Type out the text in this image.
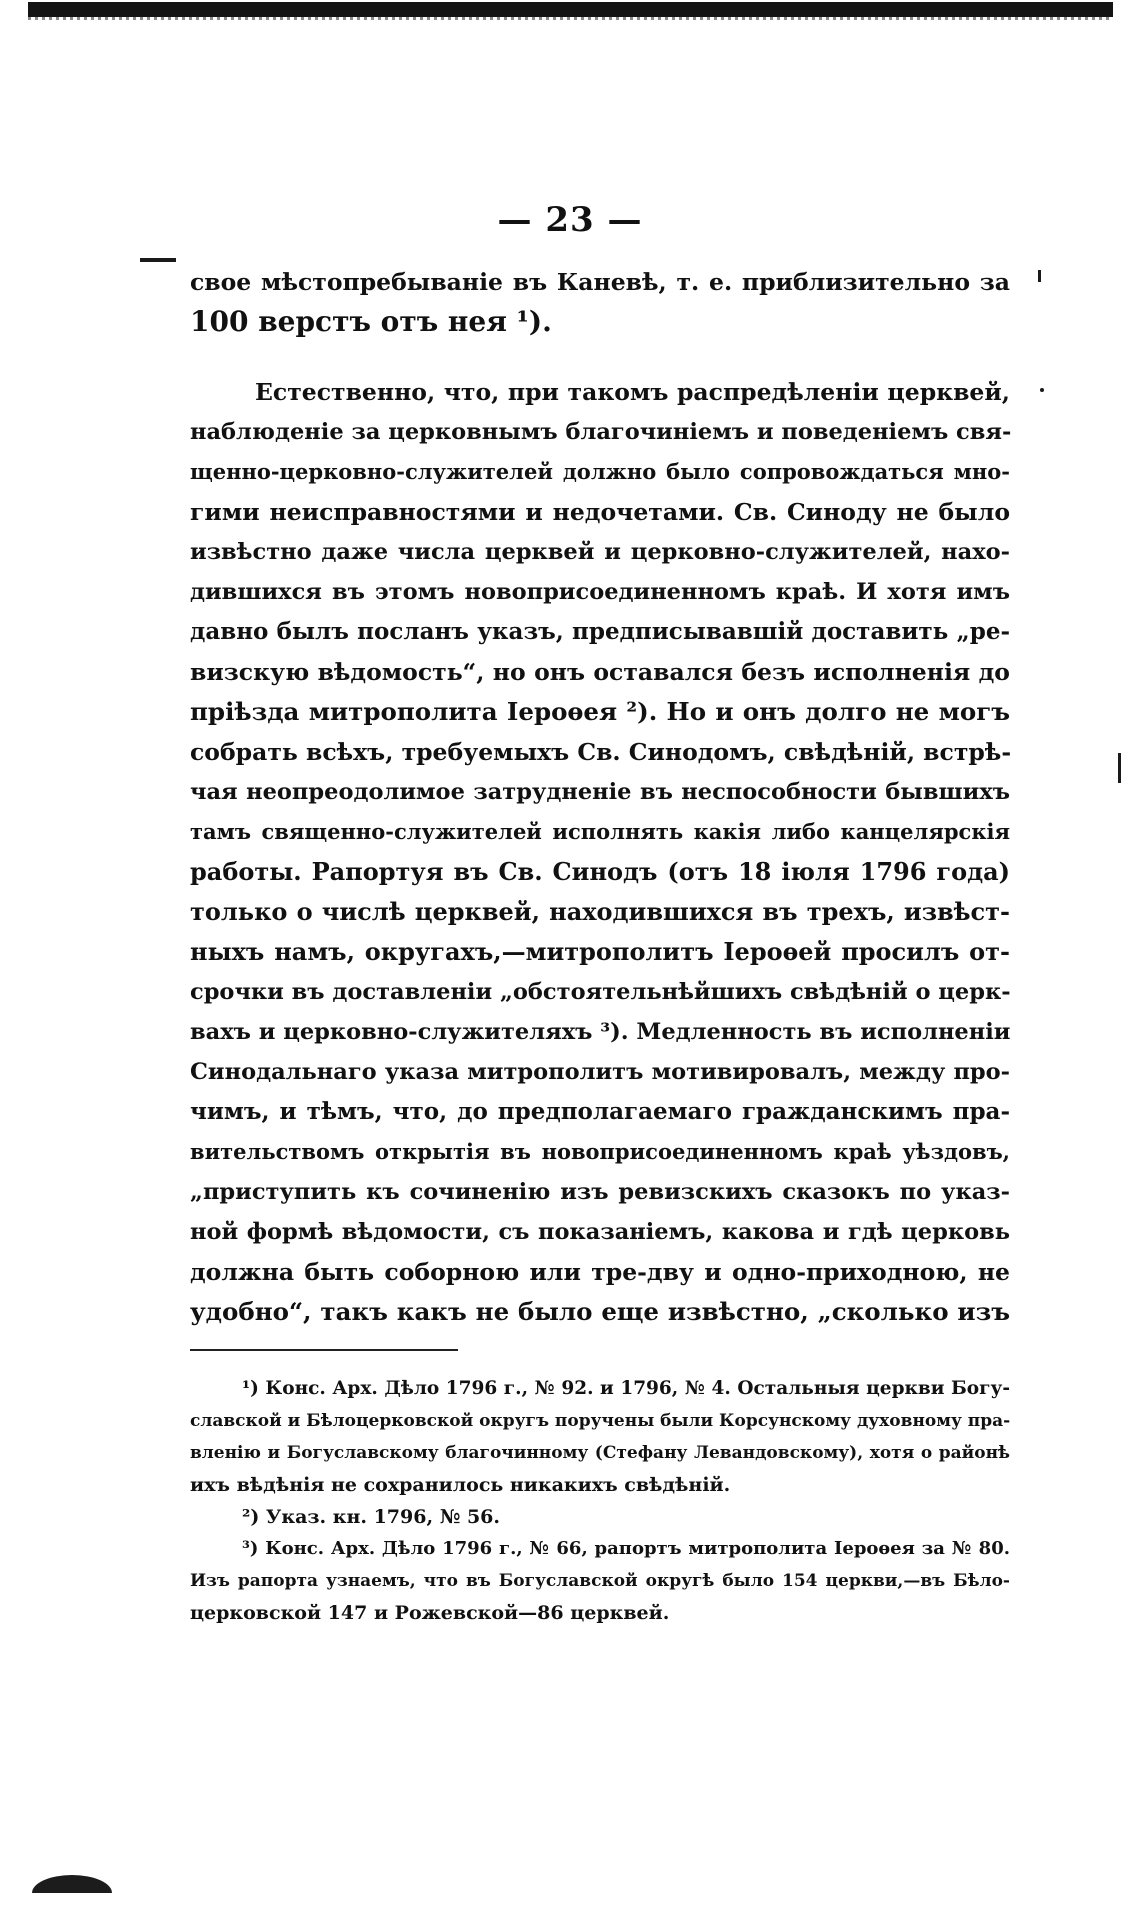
— 23 —
свое мѣстопребываніе въ Каневѣ, т. е. приблизительно за
100 верстъ отъ нея ¹).
Естественно, что, при такомъ распредѣленіи церквей,
наблюденіе за церковнымъ благочиніемъ и поведеніемъ свя-
щенно-церковно-служителей должно было сопровождаться мно-
гими неисправностями и недочетами. Св. Синоду не было
извѣстно даже числа церквей и церковно-служителей, нахо-
дившихся въ этомъ новоприсоединенномъ краѣ. И хотя имъ
давно былъ посланъ указъ, предписывавшій доставить „ре-
визскую вѣдомость“, но онъ оставался безъ исполненія до
пріѣзда митрополита Іеро​ѳея ²). Но и онъ долго не могъ
собрать всѣхъ, требуемыхъ Св. Синодомъ, свѣдѣній, встрѣ-
чая неопреодолимое затрудненіе въ неспособности бывшихъ
тамъ священно-служителей исполнять какія либо канцелярскія
работы. Рапортуя въ Св. Синодъ (отъ 18 іюля 1796 года)
только о числѣ церквей, находившихся въ трехъ, извѣст-
ныхъ намъ, округахъ,—митрополитъ Іероѳей просилъ от-
срочки въ доставленіи „обстоятельнѣйшихъ свѣдѣній о церк-
вахъ и церковно-служителяхъ ³). Медленность въ исполненіи
Синодальнаго указа митрополитъ мотивировалъ, между про-
чимъ, и тѣмъ, что, до предполагаемаго гражданскимъ пра-
вительствомъ открытія въ новоприсоединенномъ краѣ уѣздовъ,
„приступить къ сочиненію изъ ревизскихъ сказокъ по указ-
ной формѣ вѣдомости, съ показаніемъ, какова и гдѣ церковь
должна быть соборною или тре-дву и одно-приходною, не
удобно“, такъ какъ не было еще извѣстно, „сколько изъ
¹) Конс. Арх. Дѣло 1796 г., № 92. и 1796, № 4. Остальныя церкви Богу-
славской и Бѣлоцерковской округъ поручены были Корсунскому духовному пра-
вленію и Богуславскому благочинному (Стефану Левандовскому), хотя о районѣ
ихъ вѣдѣнія не сохранилось никакихъ свѣдѣній.
²) Указ. кн. 1796, № 56.
³) Конс. Арх. Дѣло 1796 г., № 66, рапортъ митрополита Іероѳея за № 80.
Изъ рапорта узнаемъ, что въ Богуславской округѣ было 154 церкви,—въ Бѣло-
церковской 147 и Рожевской—86 церквей.
